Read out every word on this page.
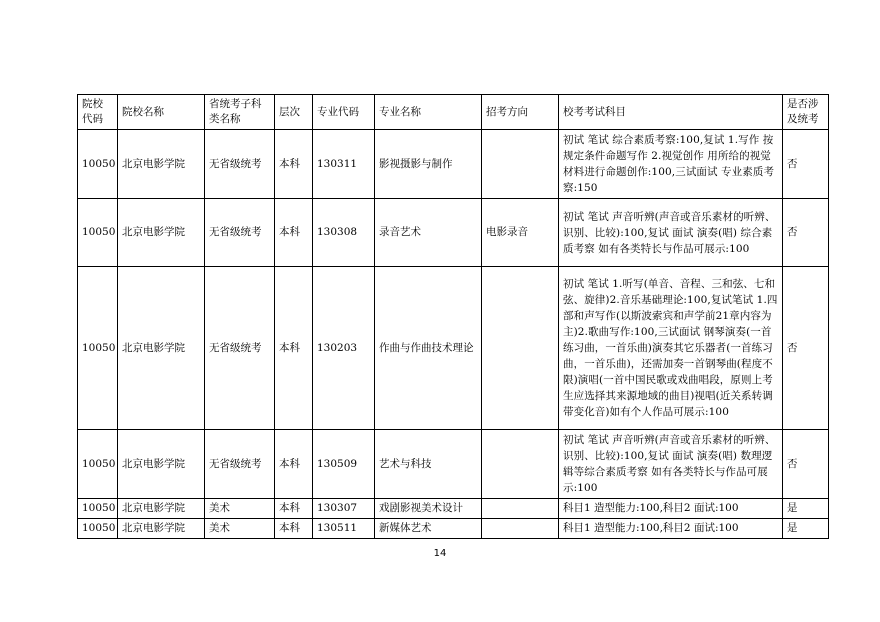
院校代码	院校名称	省统考子科类名称	层次	专业代码	专业名称	招考方向	校考考试科目	是否涉及统考
10050	北京电影学院	无省级统考	本科	130311	影视摄影与制作		初试 笔试 综合素质考察:100,复试 1.写作 按规定条件命题写作 2.视觉创作 用所给的视觉材料进行命题创作:100,三试面试 专业素质考察:150	否
10050	北京电影学院	无省级统考	本科	130308	录音艺术	电影录音	初试 笔试 声音听辨(声音或音乐素材的听辨、识别、比较):100,复试 面试 演奏(唱) 综合素质考察 如有各类特长与作品可展示:100	否
10050	北京电影学院	无省级统考	本科	130203	作曲与作曲技术理论		初试 笔试 1.听写(单音、音程、三和弦、七和弦、旋律)2.音乐基础理论:100,复试笔试 1.四部和声写作(以斯波索宾和声学前21章内容为主)2.歌曲写作:100,三试面试 钢琴演奏(一首练习曲，一首乐曲)演奏其它乐器者(一首练习曲，一首乐曲)，还需加奏一首钢琴曲(程度不限)演唱(一首中国民歌或戏曲唱段，原则上考生应选择其来源地域的曲目)视唱(近关系转调带变化音)如有个人作品可展示:100	否
10050	北京电影学院	无省级统考	本科	130509	艺术与科技		初试 笔试 声音听辨(声音或音乐素材的听辨、识别、比较):100,复试 面试 演奏(唱) 数理逻辑等综合素质考察 如有各类特长与作品可展示:100	否
10050	北京电影学院	美术	本科	130307	戏剧影视美术设计		科目1 造型能力:100,科目2 面试:100	是
10050	北京电影学院	美术	本科	130511	新媒体艺术		科目1 造型能力:100,科目2 面试:100	是
14
